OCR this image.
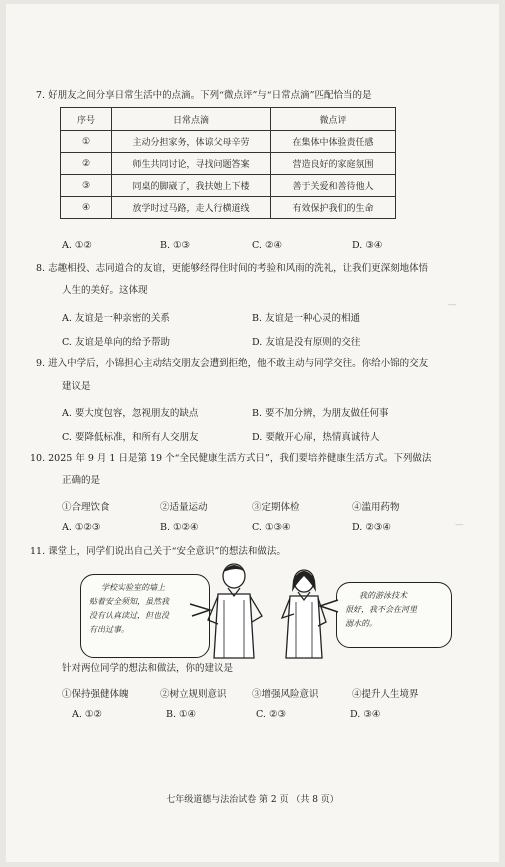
—
—
7. 好朋友之间分享日常生活中的点滴。下列“微点评”与“日常点滴”匹配恰当的是
序号	日常点滴	微点评
①	主动分担家务，体谅父母辛劳	在集体中体验责任感
②	师生共同讨论，寻找问题答案	营造良好的家庭氛围
③	同桌的脚崴了，我扶她上下楼	善于关爱和善待他人
④	放学时过马路，走人行横道线	有效保护我们的生命
A. ①②	B. ①③	C. ②④	D. ③④
8. 志趣相投、志同道合的友谊，更能够经得住时间的考验和风雨的洗礼，让我们更深刻地体悟
人生的美好。这体现
A. 友谊是一种亲密的关系	B. 友谊是一种心灵的相通
C. 友谊是单向的给予帮助	D. 友谊是没有原则的交往
9. 进入中学后，小锦担心主动结交朋友会遭到拒绝，他不敢主动与同学交往。你给小锦的交友
建议是
A. 要大度包容，忽视朋友的缺点	B. 要不加分辨，为朋友做任何事
C. 要降低标准，和所有人交朋友	D. 要敞开心扉，热情真诚待人
10. 2025 年 9 月 1 日是第 19 个“全民健康生活方式日”，我们要培养健康生活方式。下列做法
正确的是
①合理饮食	②适量运动	③定期体检	④滥用药物
A. ①②③	B. ①②④	C. ①③④	D. ②③④
11. 课堂上，同学们说出自己关于“安全意识”的想法和做法。
学校实验室的墙上
贴着安全须知，虽然我
没有认真读过，但也没
有出过事。
我的游泳技术
很好，我不会在河里
溺水的。
针对两位同学的想法和做法，你的建议是
①保持强健体魄	②树立规则意识	③增强风险意识	④提升人生境界
A. ①②	B. ①④	C. ②③	D. ③④
七年级道德与法治试卷 第 2 页 （共 8 页）
